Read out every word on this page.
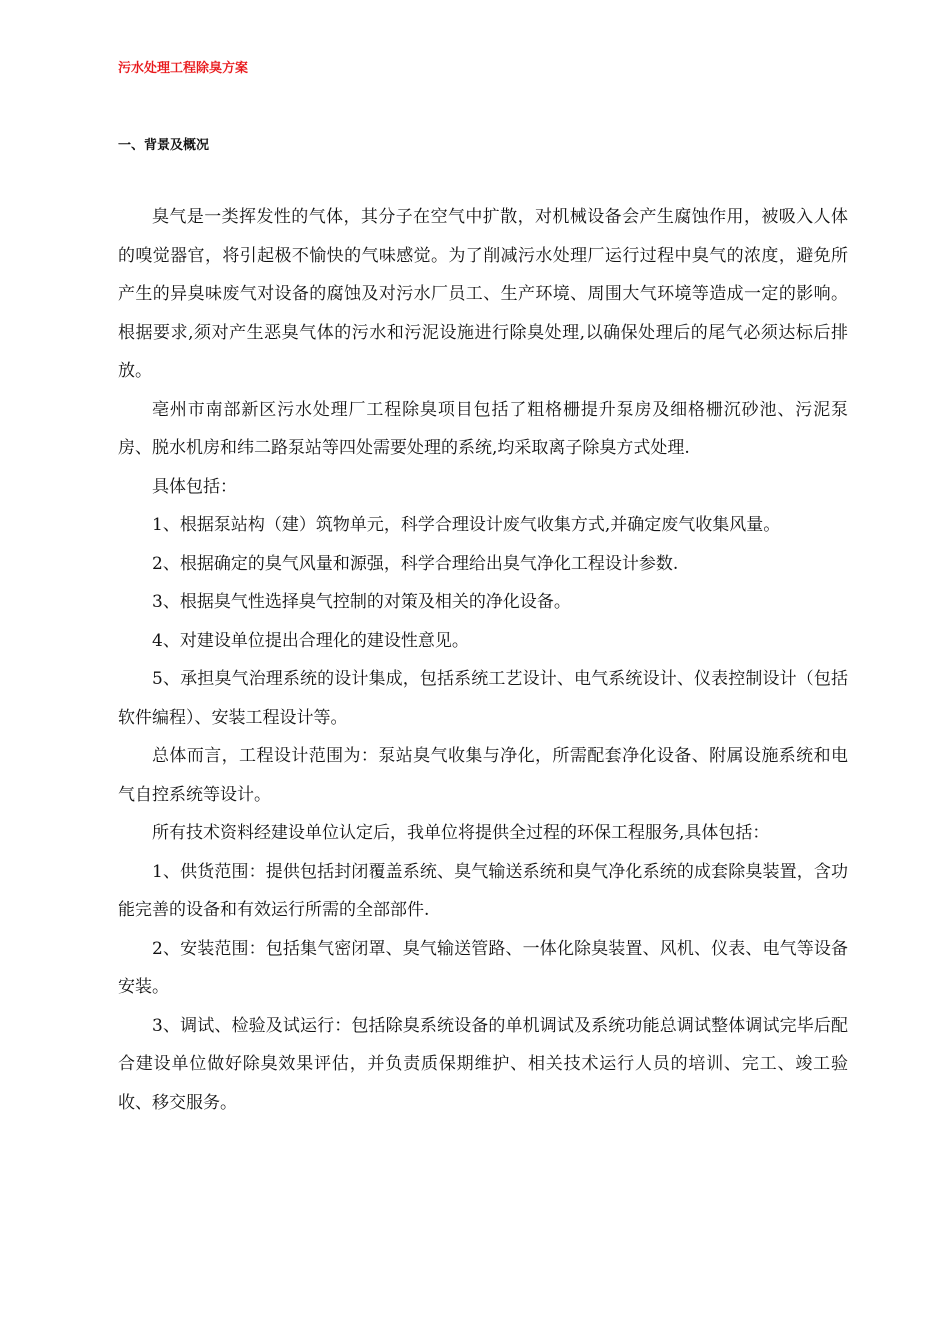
污水处理工程除臭方案
一、背景及概况

臭气是一类挥发性的气体，其分子在空气中扩散，对机械设备会产生腐蚀作用，被吸入人体的嗅觉器官，将引起极不愉快的气味感觉。为了削减污水处理厂运行过程中臭气的浓度，避免所产生的异臭味废气对设备的腐蚀及对污水厂员工、生产环境、周围大气环境等造成一定的影响。根据要求,须对产生恶臭气体的污水和污泥设施进行除臭处理,以确保处理后的尾气必须达标后排放。

亳州市南部新区污水处理厂工程除臭项目包括了粗格栅提升泵房及细格栅沉砂池、污泥泵房、脱水机房和纬二路泵站等四处需要处理的系统,均采取离子除臭方式处理.

具体包括：

1、根据泵站构（建）筑物单元，科学合理设计废气收集方式,并确定废气收集风量。

2、根据确定的臭气风量和源强，科学合理给出臭气净化工程设计参数.

3、根据臭气性选择臭气控制的对策及相关的净化设备。

4、对建设单位提出合理化的建设性意见。

5、承担臭气治理系统的设计集成，包括系统工艺设计、电气系统设计、仪表控制设计（包括软件编程）、安装工程设计等。

总体而言，工程设计范围为：泵站臭气收集与净化，所需配套净化设备、附属设施系统和电气自控系统等设计。

所有技术资料经建设单位认定后，我单位将提供全过程的环保工程服务,具体包括：

1、供货范围：提供包括封闭覆盖系统、臭气输送系统和臭气净化系统的成套除臭装置，含功能完善的设备和有效运行所需的全部部件.

2、安装范围：包括集气密闭罩、臭气输送管路、一体化除臭装置、风机、仪表、电气等设备安装。

3、调试、检验及试运行：包括除臭系统设备的单机调试及系统功能总调试整体调试完毕后配合建设单位做好除臭效果评估，并负责质保期维护、相关技术运行人员的培训、完工、竣工验收、移交服务。
